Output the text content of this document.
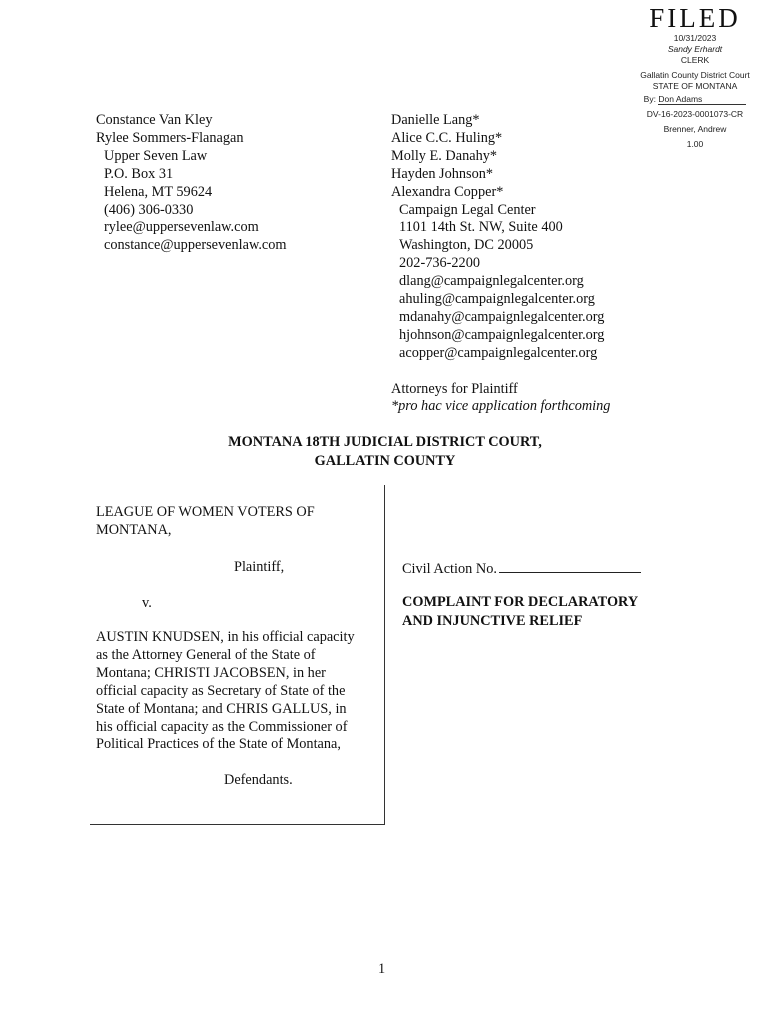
FILED
10/31/2023
Sandy Erhardt
CLERK
Gallatin County District Court
STATE OF MONTANA
By: Don Adams
DV-16-2023-0001073-CR
Brenner, Andrew
1.00
Constance Van Kley
Rylee Sommers-Flanagan
Upper Seven Law
P.O. Box 31
Helena, MT 59624
(406) 306-0330
rylee@uppersevenlaw.com
constance@uppersevenlaw.com
Danielle Lang*
Alice C.C. Huling*
Molly E. Danahy*
Hayden Johnson*
Alexandra Copper*
Campaign Legal Center
1101 14th St. NW, Suite 400
Washington, DC 20005
202-736-2200
dlang@campaignlegalcenter.org
ahuling@campaignlegalcenter.org
mdanahy@campaignlegalcenter.org
hjohnson@campaignlegalcenter.org
acopper@campaignlegalcenter.org
Attorneys for Plaintiff
*pro hac vice application forthcoming
MONTANA 18TH JUDICIAL DISTRICT COURT,
GALLATIN COUNTY
LEAGUE OF WOMEN VOTERS OF
MONTANA,
Plaintiff,
v.
AUSTIN KNUDSEN, in his official capacity
as the Attorney General of the State of
Montana; CHRISTI JACOBSEN, in her
official capacity as Secretary of State of the
State of Montana; and CHRIS GALLUS, in
his official capacity as the Commissioner of
Political Practices of the State of Montana,
Defendants.
Civil Action No.
COMPLAINT FOR DECLARATORY
AND INJUNCTIVE RELIEF
1
